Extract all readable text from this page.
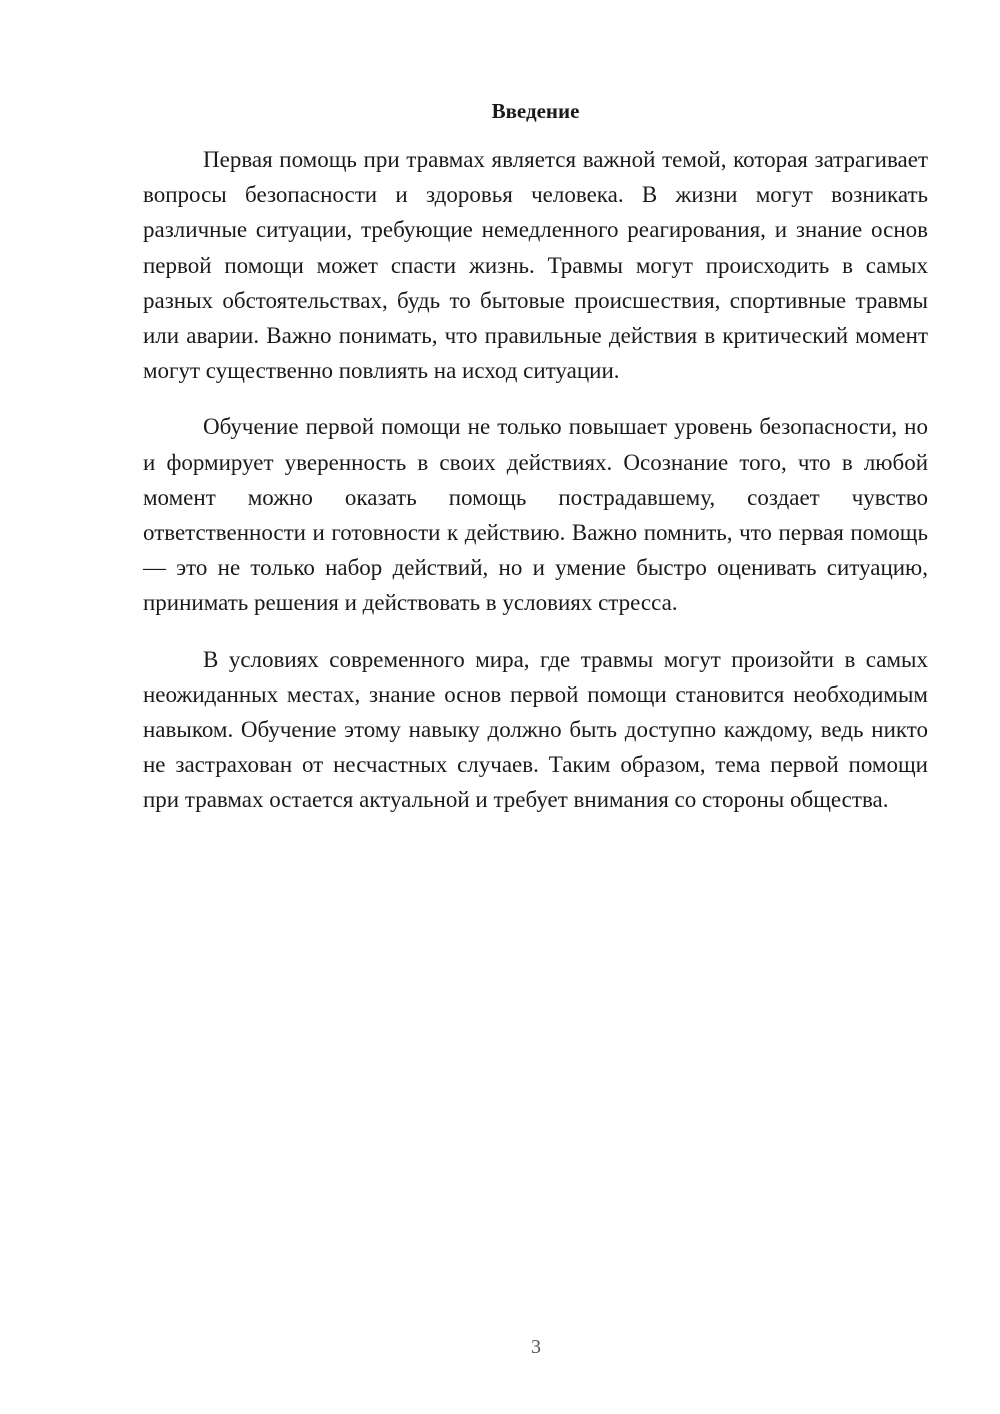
Введение

Первая помощь при травмах является важной темой, которая затрагивает вопросы безопасности и здоровья человека. В жизни могут возникать различные ситуации, требующие немедленного реагирования, и знание основ первой помощи может спасти жизнь. Травмы могут происходить в самых разных обстоятельствах, будь то бытовые происшествия, спортивные травмы или аварии. Важно понимать, что правильные действия в критический момент могут существенно повлиять на исход ситуации.

Обучение первой помощи не только повышает уровень безопасности, но и формирует уверенность в своих действиях. Осознание того, что в любой момент можно оказать помощь пострадавшему, создает чувство ответственности и готовности к действию. Важно помнить, что первая помощь — это не только набор действий, но и умение быстро оценивать ситуацию, принимать решения и действовать в условиях стресса.

В условиях современного мира, где травмы могут произойти в самых неожиданных местах, знание основ первой помощи становится необходимым навыком. Обучение этому навыку должно быть доступно каждому, ведь никто не застрахован от несчастных случаев. Таким образом, тема первой помощи при травмах остается актуальной и требует внимания со стороны общества.

3
